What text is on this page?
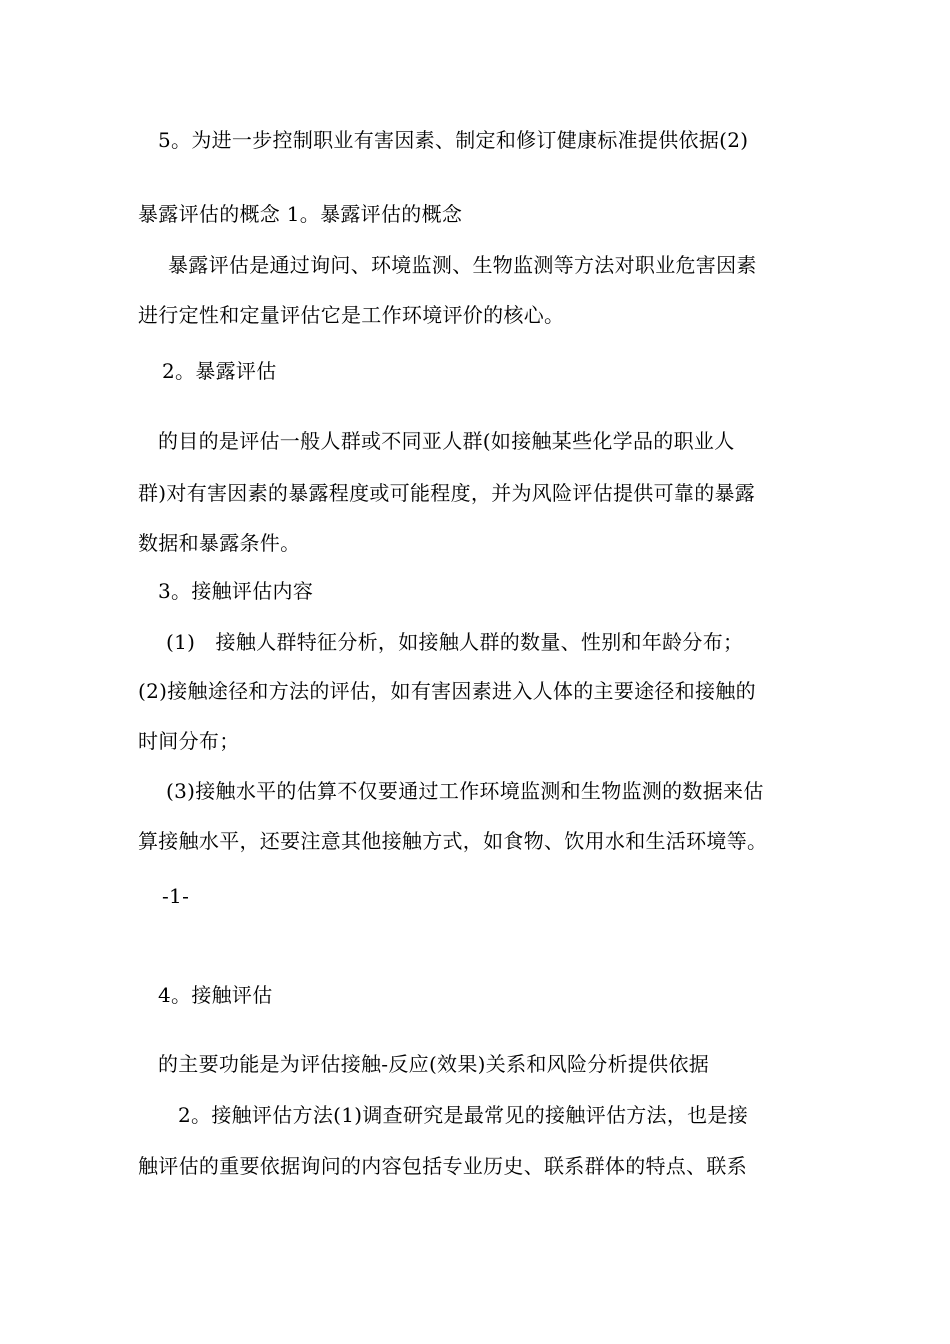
5。为进一步控制职业有害因素、制定和修订健康标准提供依据(2)
暴露评估的概念 1。暴露评估的概念
暴露评估是通过询问、环境监测、生物监测等方法对职业危害因素
进行定性和定量评估它是工作环境评价的核心。
2。暴露评估
的目的是评估一般人群或不同亚人群(如接触某些化学品的职业人
群)对有害因素的暴露程度或可能程度，并为风险评估提供可靠的暴露
数据和暴露条件。
3。接触评估内容
(1)　接触人群特征分析，如接触人群的数量、性别和年龄分布；
(2)接触途径和方法的评估，如有害因素进入人体的主要途径和接触的
时间分布；
(3)接触水平的估算不仅要通过工作环境监测和生物监测的数据来估
算接触水平，还要注意其他接触方式，如食物、饮用水和生活环境等。
-1-
4。接触评估
的主要功能是为评估接触-反应(效果)关系和风险分析提供依据
2。接触评估方法(1)调查研究是最常见的接触评估方法，也是接
触评估的重要依据询问的内容包括专业历史、联系群体的特点、联系
